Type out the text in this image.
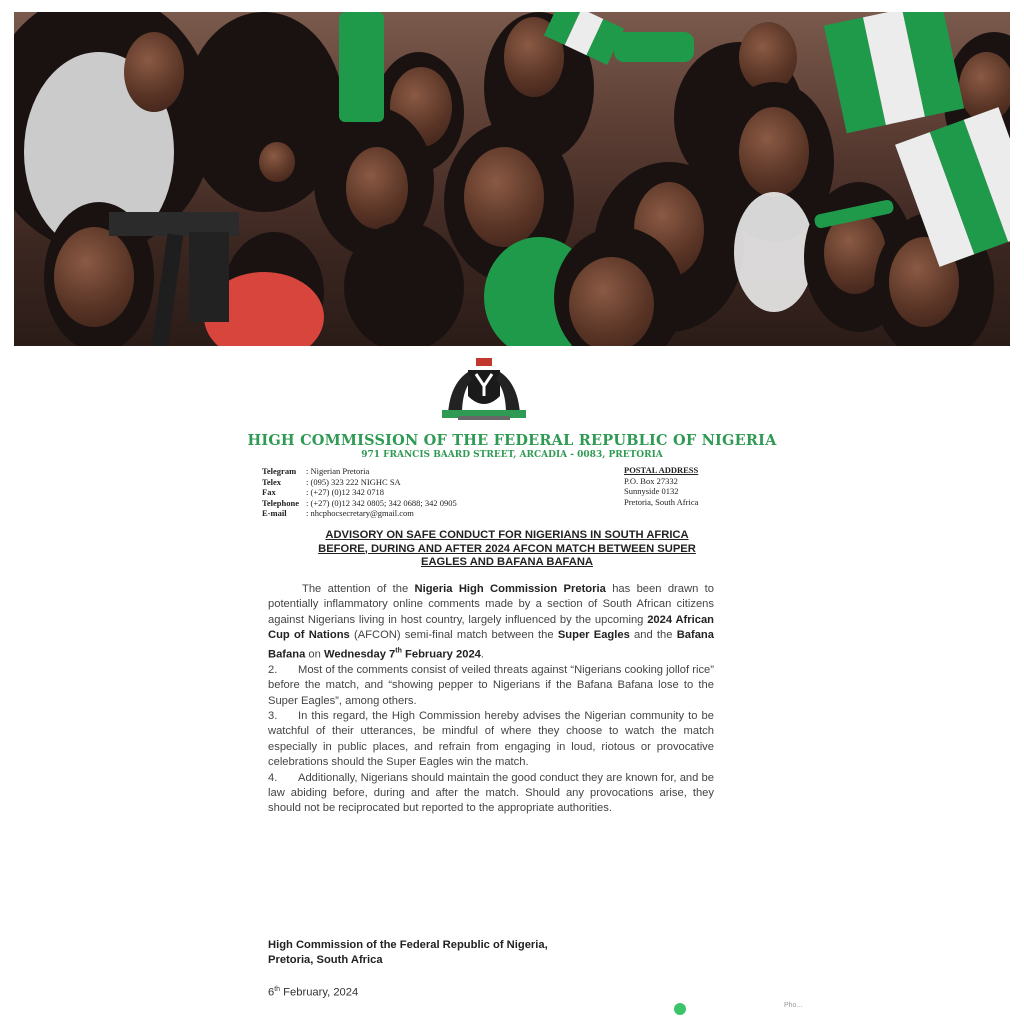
HIGH COMMISSION OF THE FEDERAL REPUBLIC OF NIGERIA
971 FRANCIS BAARD STREET, ARCADIA - 0083, PRETORIA
Telegram	: Nigerian Pretoria
Telex	: (095) 323 222 NIGHC SA
Fax	: (+27) (0)12 342 0718
Telephone : (+27) (0)12 342 0805; 342 0688; 342 0905
E-mail	: nhcphocsecretary@gmail.com
POSTAL ADDRESS
P.O. Box 27332
Sunnyside 0132
Pretoria, South Africa
ADVISORY ON SAFE CONDUCT FOR NIGERIANS IN SOUTH AFRICA
BEFORE, DURING AND AFTER 2024 AFCON MATCH BETWEEN SUPER
EAGLES AND BAFANA BAFANA

The attention of the Nigeria High Commission Pretoria has been drawn to potentially inflammatory online comments made by a section of South African citizens against Nigerians living in host country, largely influenced by the upcoming 2024 African Cup of Nations (AFCON) semi-final match between the Super Eagles and the Bafana Bafana on Wednesday 7th February 2024.

2. Most of the comments consist of veiled threats against “Nigerians cooking jollof rice” before the match, and “showing pepper to Nigerians if the Bafana Bafana lose to the Super Eagles”, among others.

3. In this regard, the High Commission hereby advises the Nigerian community to be watchful of their utterances, be mindful of where they choose to watch the match especially in public places, and refrain from engaging in loud, riotous or provocative celebrations should the Super Eagles win the match.

4. Additionally, Nigerians should maintain the good conduct they are known for, and be law abiding before, during and after the match. Should any provocations arise, they should not be reciprocated but reported to the appropriate authorities.

High Commission of the Federal Republic of Nigeria,
Pretoria, South Africa
6th February, 2024
Pho...
